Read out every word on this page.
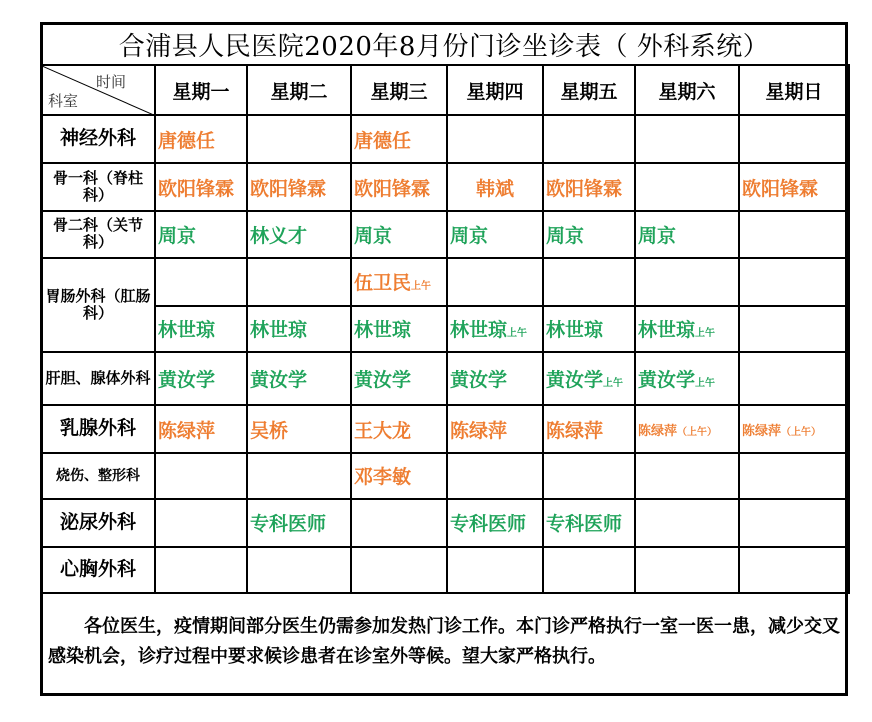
合浦县人民医院2020年8月份门诊坐诊表（ 外科系统）
时间
科室	星期一	星期二	星期三	星期四	星期五	星期六	星期日
神经外科	唐德任		唐德任				
骨一科（脊柱科）	欧阳锋霖	欧阳锋霖	欧阳锋霖	韩斌	欧阳锋霖		欧阳锋霖
骨二科（关节科）	周京	林义才	周京	周京	周京	周京	
胃肠外科（肛肠科）			伍卫民上午				
	林世琼	林世琼	林世琼	林世琼上午	林世琼	林世琼上午	
肝胆、腺体外科	黄汝学	黄汝学	黄汝学	黄汝学	黄汝学上午	黄汝学上午	
乳腺外科	陈绿萍	吴桥	王大龙	陈绿萍	陈绿萍	陈绿萍（上午）	陈绿萍（上午）
烧伤、整形科			邓李敏				
泌尿外科		专科医师		专科医师	专科医师		
心胸外科							
各位医生，疫情期间部分医生仍需参加发热门诊工作。本门诊严格执行一室一医一患，减少交叉感染机会，诊疗过程中要求候诊患者在诊室外等候。望大家严格执行。
